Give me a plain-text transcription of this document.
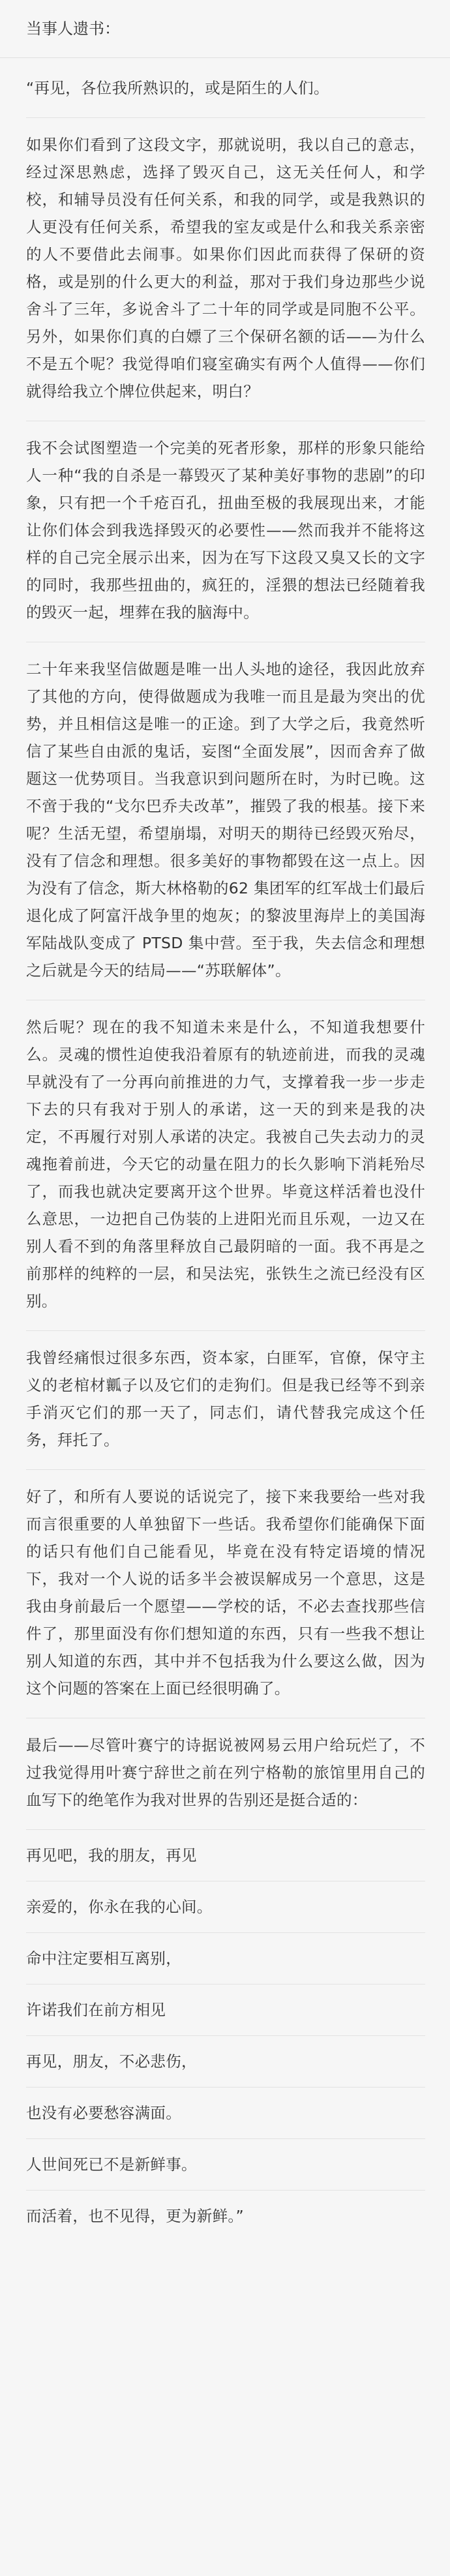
当事人遗书：
“再见，各位我所熟识的，或是陌生的人们。
如果你们看到了这段文字，那就说明，我以自己的意志，经过深思熟虑，选择了毁灭自己，这无关任何人，和学校，和辅导员没有任何关系，和我的同学，或是我熟识的人更没有任何关系，希望我的室友或是什么和我关系亲密的人不要借此去闹事。如果你们因此而获得了保研的资格，或是别的什么更大的利益，那对于我们身边那些少说舍斗了三年，多说舍斗了二十年的同学或是同胞不公平。另外，如果你们真的白嫖了三个保研名额的话——为什么不是五个呢？我觉得咱们寝室确实有两个人值得——你们就得给我立个牌位供起来，明白？
我不会试图塑造一个完美的死者形象，那样的形象只能给人一种“我的自杀是一幕毁灭了某种美好事物的悲剧”的印象，只有把一个千疮百孔，扭曲至极的我展现出来，才能让你们体会到我选择毁灭的必要性——然而我并不能将这样的自己完全展示出来，因为在写下这段又臭又长的文字的同时，我那些扭曲的，疯狂的，淫猥的想法已经随着我的毁灭一起，埋葬在我的脑海中。
二十年来我坚信做题是唯一出人头地的途径，我因此放弃了其他的方向，使得做题成为我唯一而且是最为突出的优势，并且相信这是唯一的正途。到了大学之后，我竟然听信了某些自由派的鬼话，妄图“全面发展”，因而舍弃了做题这一优势项目。当我意识到问题所在时，为时已晚。这不啻于我的“戈尔巴乔夫改革”，摧毁了我的根基。接下来呢？生活无望，希望崩塌，对明天的期待已经毁灭殆尽，没有了信念和理想。很多美好的事物都毁在这一点上。因为没有了信念，斯大林格勒的62 集团军的红军战士们最后退化成了阿富汗战争里的炮灰；的黎波里海岸上的美国海军陆战队变成了 PTSD 集中营。至于我，失去信念和理想之后就是今天的结局——“苏联解体”。
然后呢？现在的我不知道未来是什么，不知道我想要什么。灵魂的惯性迫使我沿着原有的轨迹前进，而我的灵魂早就没有了一分再向前推进的力气，支撑着我一步一步走下去的只有我对于别人的承诺，这一天的到来是我的决定，不再履行对别人承诺的决定。我被自己失去动力的灵魂拖着前进，今天它的动量在阻力的长久影响下消耗殆尽了，而我也就决定要离开这个世界。毕竟这样活着也没什么意思，一边把自己伪装的上进阳光而且乐观，一边又在别人看不到的角落里释放自己最阴暗的一面。我不再是之前那样的纯粹的一层，和吴法宪，张铁生之流已经没有区别。
我曾经痛恨过很多东西，资本家，白匪军，官僚，保守主义的老棺材瓤子以及它们的走狗们。但是我已经等不到亲手消灭它们的那一天了，同志们，请代替我完成这个任务，拜托了。
好了，和所有人要说的话说完了，接下来我要给一些对我而言很重要的人单独留下一些话。我希望你们能确保下面的话只有他们自己能看见，毕竟在没有特定语境的情况下，我对一个人说的话多半会被误解成另一个意思，这是我由身前最后一个愿望——学校的话，不必去查找那些信件了，那里面没有你们想知道的东西，只有一些我不想让别人知道的东西，其中并不包括我为什么要这么做，因为这个问题的答案在上面已经很明确了。
最后——尽管叶赛宁的诗据说被网易云用户给玩烂了，不过我觉得用叶赛宁辞世之前在列宁格勒的旅馆里用自己的血写下的绝笔作为我对世界的告别还是挺合适的：
再见吧，我的朋友，再见
亲爱的，你永在我的心间。
命中注定要相互离别，
许诺我们在前方相见
再见，朋友，不必悲伤，
也没有必要愁容满面。
人世间死已不是新鲜事。
而活着，也不见得，更为新鲜。”
